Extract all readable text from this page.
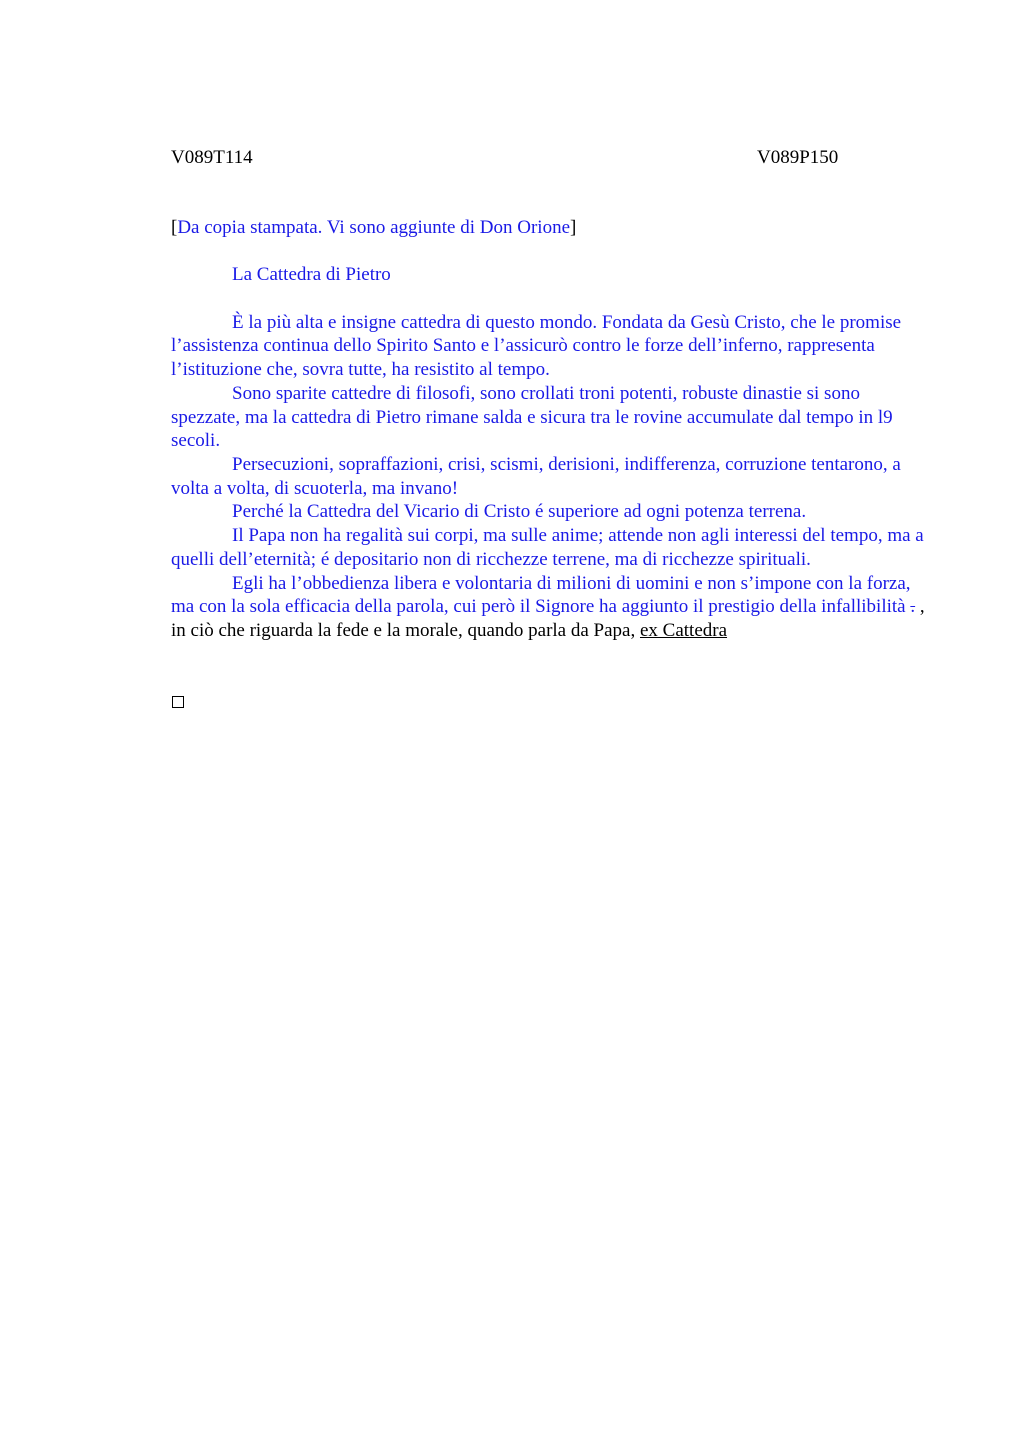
V089T114	V089P150

[Da copia stampata. Vi sono aggiunte di Don Orione]

La Cattedra di Pietro

È la più alta e insigne cattedra di questo mondo. Fondata da Gesù Cristo, che le promise l’assistenza continua dello Spirito Santo e l’assicurò contro le forze dell’inferno, rappresenta l’istituzione che, sovra tutte, ha resistito al tempo.

Sono sparite cattedre di filosofi, sono crollati troni potenti, robuste dinastie si sono spezzate, ma la cattedra di Pietro rimane salda e sicura tra le rovine accumulate dal tempo in l9 secoli.

Persecuzioni, sopraffazioni, crisi, scismi, derisioni, indifferenza, corruzione tentarono, a volta a volta, di scuoterla, ma invano!

Perché la Cattedra del Vicario di Cristo é superiore ad ogni potenza terrena.

Il Papa non ha regalità sui corpi, ma sulle anime; attende non agli interessi del tempo, ma a quelli dell’eternità; é depositario non di ricchezze terrene, ma di ricchezze spirituali.

Egli ha l’obbedienza libera e volontaria di milioni di uomini e non s’impone con la forza, ma con la sola efficacia della parola, cui però il Signore ha aggiunto il prestigio della infallibilità . , in ciò che riguarda la fede e la morale, quando parla da Papa, ex Cattedra
